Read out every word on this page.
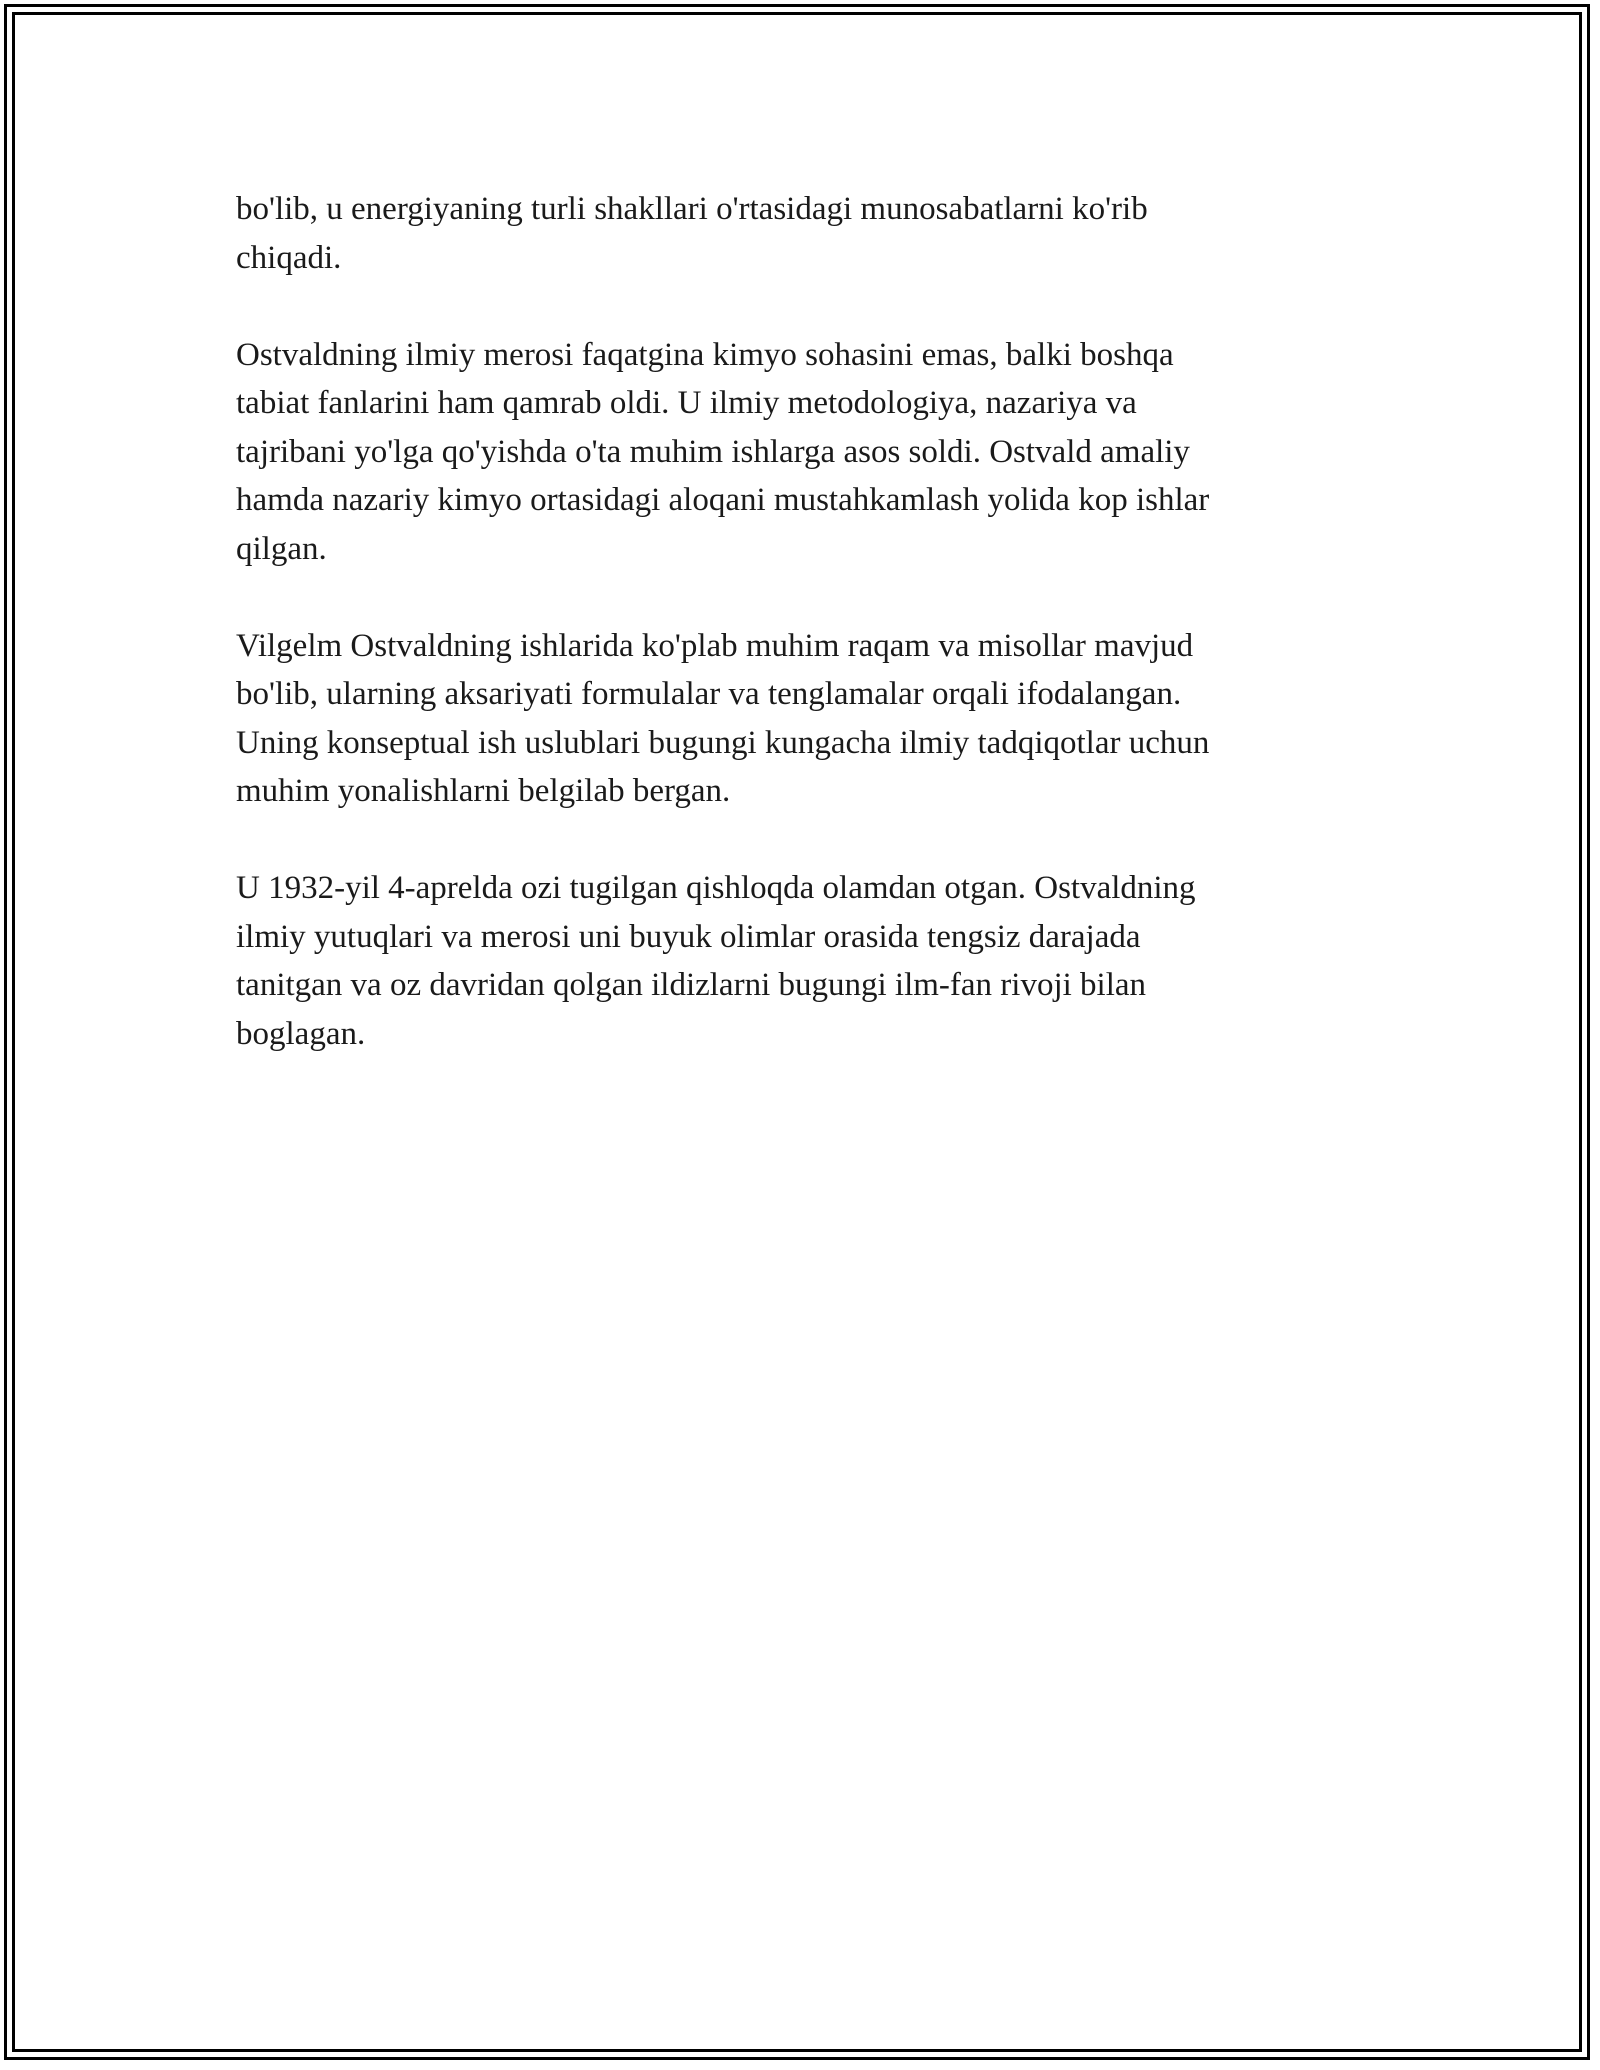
bo'lib, u energiyaning turli shakllari o'rtasidagi munosabatlarni ko'rib
chiqadi.

Ostvaldning ilmiy merosi faqatgina kimyo sohasini emas, balki boshqa
tabiat fanlarini ham qamrab oldi. U ilmiy metodologiya, nazariya va
tajribani yo'lga qo'yishda o'ta muhim ishlarga asos soldi. Ostvald amaliy
hamda nazariy kimyo ortasidagi aloqani mustahkamlash yolida kop ishlar
qilgan.

Vilgelm Ostvaldning ishlarida ko'plab muhim raqam va misollar mavjud
bo'lib, ularning aksariyati formulalar va tenglamalar orqali ifodalangan.
Uning konseptual ish uslublari bugungi kungacha ilmiy tadqiqotlar uchun
muhim yonalishlarni belgilab bergan.

U 1932-yil 4-aprelda ozi tugilgan qishloqda olamdan otgan. Ostvaldning
ilmiy yutuqlari va merosi uni buyuk olimlar orasida tengsiz darajada
tanitgan va oz davridan qolgan ildizlarni bugungi ilm-fan rivoji bilan
boglagan.
